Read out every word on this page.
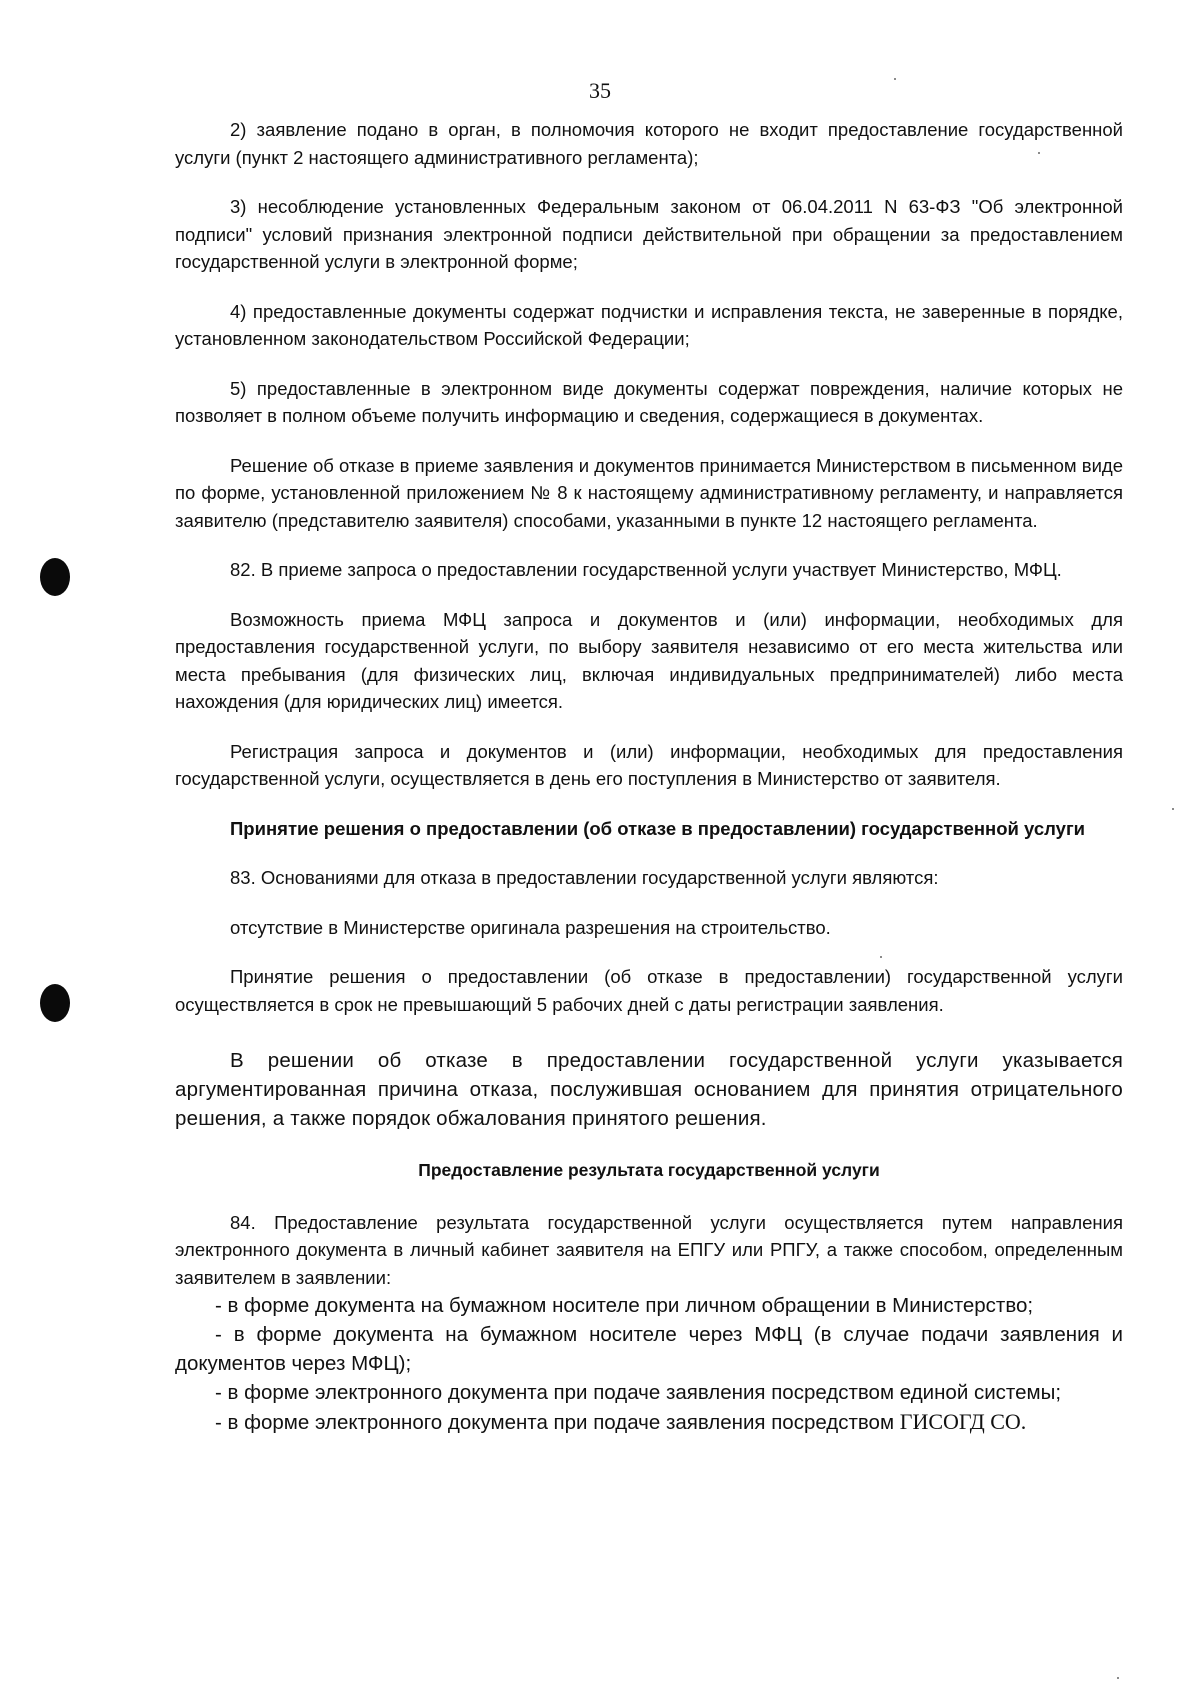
35

2) заявление подано в орган, в полномочия которого не входит предоставление государственной услуги (пункт 2 настоящего административного регламента);

3) несоблюдение установленных Федеральным законом от 06.04.2011 N 63-ФЗ "Об электронной подписи" условий признания электронной подписи действительной при обращении за предоставлением государственной услуги в электронной форме;

4) предоставленные документы содержат подчистки и исправления текста, не заверенные в порядке, установленном законодательством Российской Федерации;

5) предоставленные в электронном виде документы содержат повреждения, наличие которых не позволяет в полном объеме получить информацию и сведения, содержащиеся в документах.

Решение об отказе в приеме заявления и документов принимается Министерством в письменном виде по форме, установленной приложением № 8 к настоящему административному регламенту, и направляется заявителю (представителю заявителя) способами, указанными в пункте 12 настоящего регламента.

82. В приеме запроса о предоставлении государственной услуги участвует Министерство, МФЦ.

Возможность приема МФЦ запроса и документов и (или) информации, необходимых для предоставления государственной услуги, по выбору заявителя независимо от его места жительства или места пребывания (для физических лиц, включая индивидуальных предпринимателей) либо места нахождения (для юридических лиц) имеется.

Регистрация запроса и документов и (или) информации, необходимых для предоставления государственной услуги, осуществляется в день его поступления в Министерство от заявителя.

Принятие решения о предоставлении (об отказе в предоставлении) государственной услуги

83. Основаниями для отказа в предоставлении государственной услуги являются:

отсутствие в Министерстве оригинала разрешения на строительство.

Принятие решения о предоставлении (об отказе в предоставлении) государственной услуги осуществляется в срок не превышающий 5 рабочих дней с даты регистрации заявления.

В решении об отказе в предоставлении государственной услуги указывается аргументированная причина отказа, послужившая основанием для принятия отрицательного решения, а также порядок обжалования принятого решения.

Предоставление результата государственной услуги

84. Предоставление результата государственной услуги осуществляется путем направления электронного документа в личный кабинет заявителя на ЕПГУ или РПГУ, а также способом, определенным заявителем в заявлении:

- в форме документа на бумажном носителе при личном обращении в Министерство;

- в форме документа на бумажном носителе через МФЦ (в случае подачи заявления и документов через МФЦ);

- в форме электронного документа при подаче заявления посредством единой системы;

- в форме электронного документа при подаче заявления посредством ГИСОГД СО.
